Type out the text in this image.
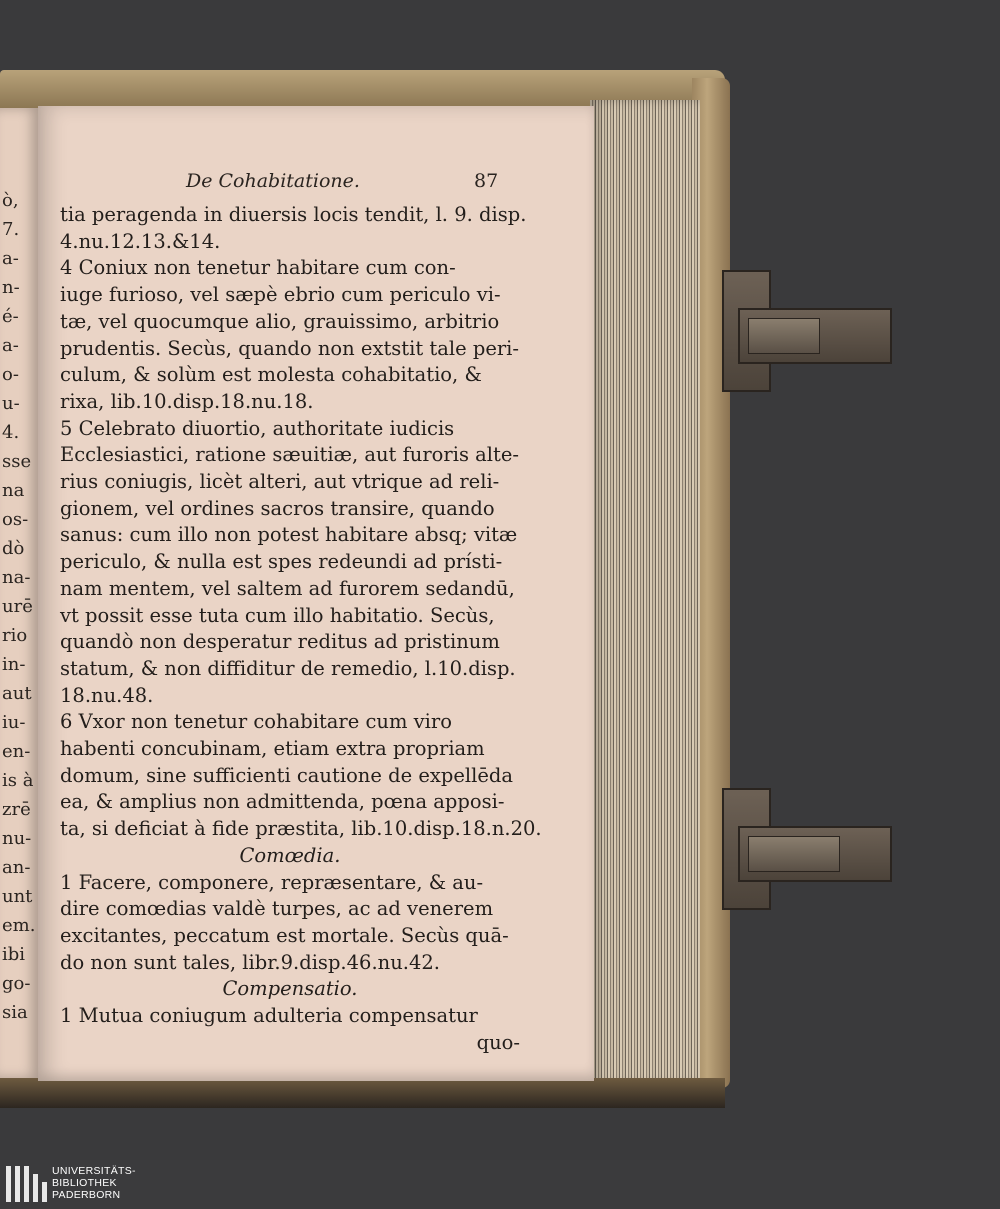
ò,
7.
a-
n-
é-
a-
o-
u-
4.
sse
na
os-
dò
na-
urē
rio
in-
aut
iu-
en-
is à
zrē
nu-
an-
unt
em.
ibi
go-
sia
De Cohabitatione.	87
tia peragenda in diuersis locis tendit, l. 9. disp.
4.nu.12.13.&14.
4 Coniux non tenetur habitare cum con-
iuge furioso, vel sæpè ebrio cum periculo vi-
tæ, vel quocumque alio, grauissimo, arbitrio
prudentis. Secùs, quando non extstit tale peri-
culum, & solùm est molesta cohabitatio, &
rixa, lib.10.disp.18.nu.18.
5 Celebrato diuortio, authoritate iudicis
Ecclesiastici, ratione sæuitiæ, aut furoris alte-
rius coniugis, licèt alteri, aut vtrique ad reli-
gionem, vel ordines sacros transire, quando
sanus: cum illo non potest habitare absq; vitæ
periculo, & nulla est spes redeundi ad prísti-
nam mentem, vel saltem ad furorem sedandū,
vt possit esse tuta cum illo habitatio. Secùs,
quandò non desperatur reditus ad pristinum
statum, & non diffiditur de remedio, l.10.disp.
18.nu.48.
6 Vxor non tenetur cohabitare cum viro
habenti concubinam, etiam extra propriam
domum, sine sufficienti cautione de expellēda
ea, & amplius non admittenda, pœna apposi-
ta, si deficiat à fide præstita, lib.10.disp.18.n.20.
Comœdia.
1 Facere, componere, repræsentare, & au-
dire comœdias valdè turpes, ac ad venerem
excitantes, peccatum est mortale. Secùs quā-
do non sunt tales, libr.9.disp.46.nu.42.
Compensatio.
1 Mutua coniugum adulteria compensatur
quo-
UNIVERSITÄTS-
BIBLIOTHEK
PADERBORN
